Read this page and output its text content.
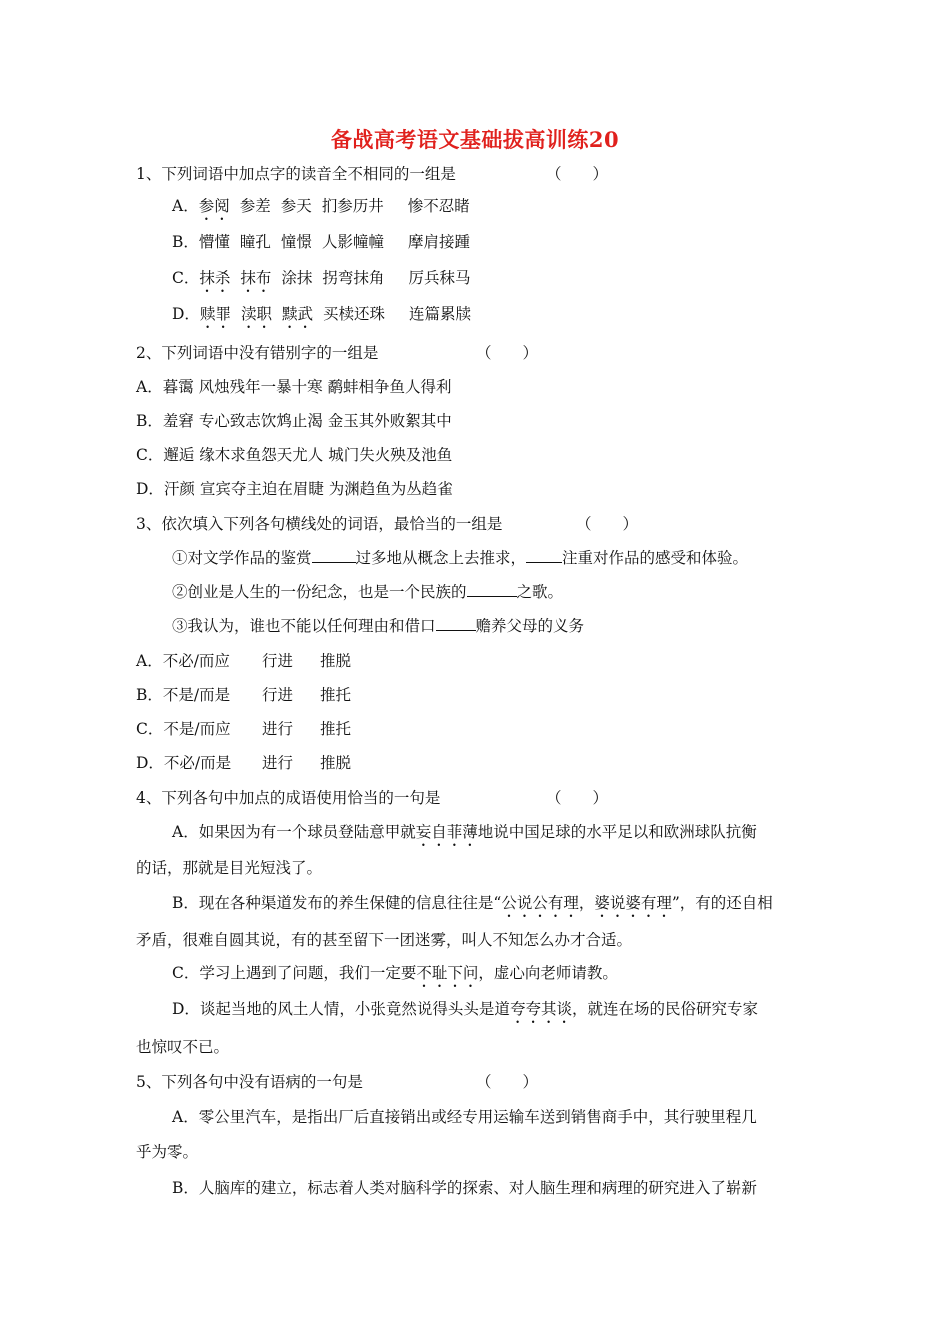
备战高考语文基础拔高训练20
1、下列词语中加点字的读音全不相同的一组是	（　　）
A．参阅 参差 参天 扪参历井 惨不忍睹
B．懵懂 瞳孔 憧憬 人影幢幢 摩肩接踵
C．抹杀 抹布 涂抹 拐弯抹角 厉兵秣马
D．赎罪 渎职 黩武 买椟还珠 连篇累牍
2、下列词语中没有错别字的一组是	（　　）
A．暮霭 风烛残年一暴十寒 鹬蚌相争鱼人得利
B．羞窘 专心致志饮鸩止渴 金玉其外败絮其中
C．邂逅 缘木求鱼怨天尤人 城门失火殃及池鱼
D．汗颜 宣宾夺主迫在眉睫 为渊趋鱼为丛趋雀
3、依次填入下列各句横线处的词语，最恰当的一组是	（　　）
①对文学作品的鉴赏	过多地从概念上去推求， 注重对作品的感受和体验。
②创业是人生的一份纪念，也是一个民族的	之歌。
③我认为，谁也不能以任何理由和借口	赡养父母的义务
A．不必/而应 行进 推脱
B．不是/而是 行进 推托
C．不是/而应 进行 推托
D．不必/而是 进行 推脱
4、下列各句中加点的成语使用恰当的一句是	（　　）
A．如果因为有一个球员登陆意甲就妄自菲薄地说中国足球的水平足以和欧洲球队抗衡
的话，那就是目光短浅了。
B．现在各种渠道发布的养生保健的信息往往是“公说公有理，婆说婆有理”，有的还自相
矛盾，很难自圆其说，有的甚至留下一团迷雾，叫人不知怎么办才合适。
C．学习上遇到了问题，我们一定要不耻下问，虚心向老师请教。
D．谈起当地的风土人情，小张竟然说得头头是道夸夸其谈，就连在场的民俗研究专家
也惊叹不已。
5、下列各句中没有语病的一句是	（　　）
A．零公里汽车，是指出厂后直接销出或经专用运输车送到销售商手中，其行驶里程几
乎为零。
B．人脑库的建立，标志着人类对脑科学的探索、对人脑生理和病理的研究进入了崭新
